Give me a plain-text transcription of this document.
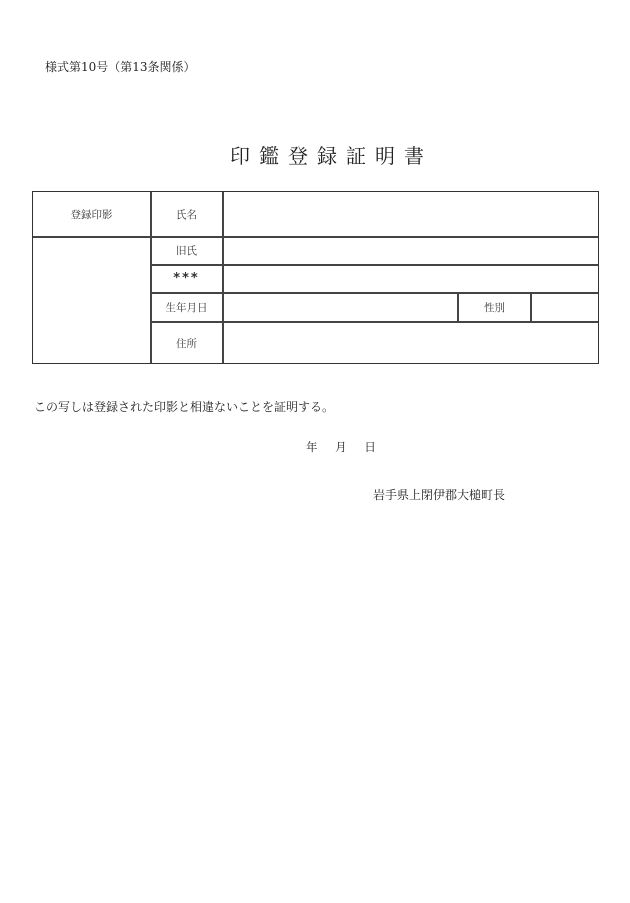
様式第10号（第13条関係）
印鑑登録証明書
登録印影	氏名
旧氏
***
生年月日	性別
住所
この写しは登録された印影と相違ないことを証明する。
年 月 日
岩手県上閉伊郡大槌町長
